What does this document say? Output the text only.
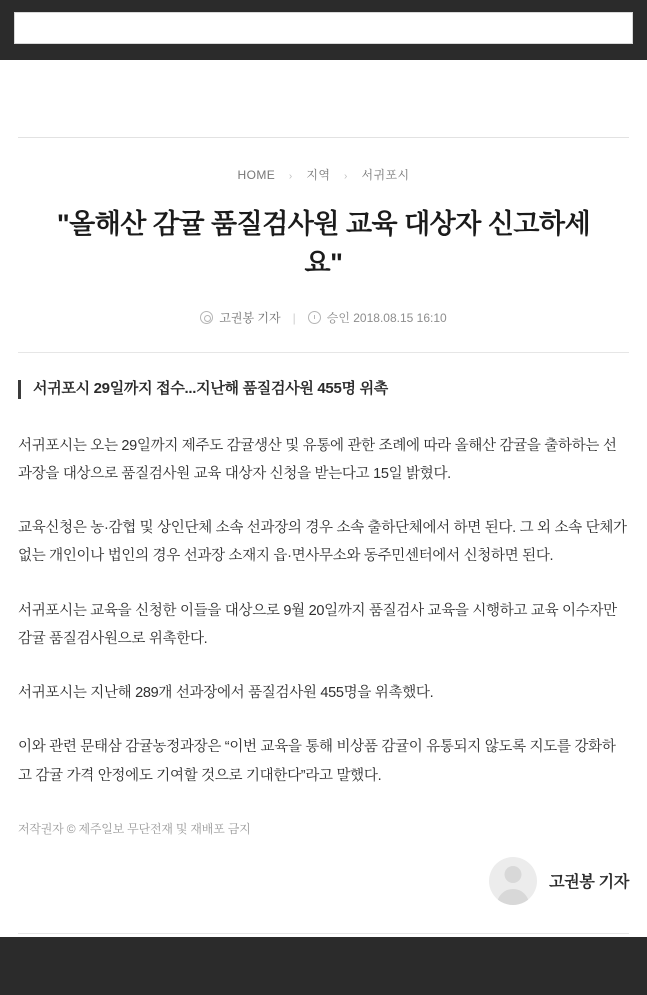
HOME › 지역 › 서귀포시
"올해산 감귤 품질검사원 교육 대상자 신고하세요"
고권봉 기자 |	승인 2018.08.15 16:10
서귀포시 29일까지 접수...지난해 품질검사원 455명 위촉

서귀포시는 오는 29일까지 제주도 감귤생산 및 유통에 관한 조례에 따라 올해산 감귤을 출하하는 선과장을 대상으로 품질검사원 교육 대상자 신청을 받는다고 15일 밝혔다.

교육신청은 농·감협 및 상인단체 소속 선과장의 경우 소속 출하단체에서 하면 된다. 그 외 소속 단체가 없는 개인이나 법인의 경우 선과장 소재지 읍·면사무소와 동주민센터에서 신청하면 된다.

서귀포시는 교육을 신청한 이들을 대상으로 9월 20일까지 품질검사 교육을 시행하고 교육 이수자만 감귤 품질검사원으로 위촉한다.

서귀포시는 지난해 289개 선과장에서 품질검사원 455명을 위촉했다.

이와 관련 문태삼 감귤농정과장은 “이번 교육을 통해 비상품 감귤이 유통되지 않도록 지도를 강화하고 감귤 가격 안정에도 기여할 것으로 기대한다”라고 말했다.

저작권자 © 제주일보 무단전재 및 재배포 금지
고권봉 기자
